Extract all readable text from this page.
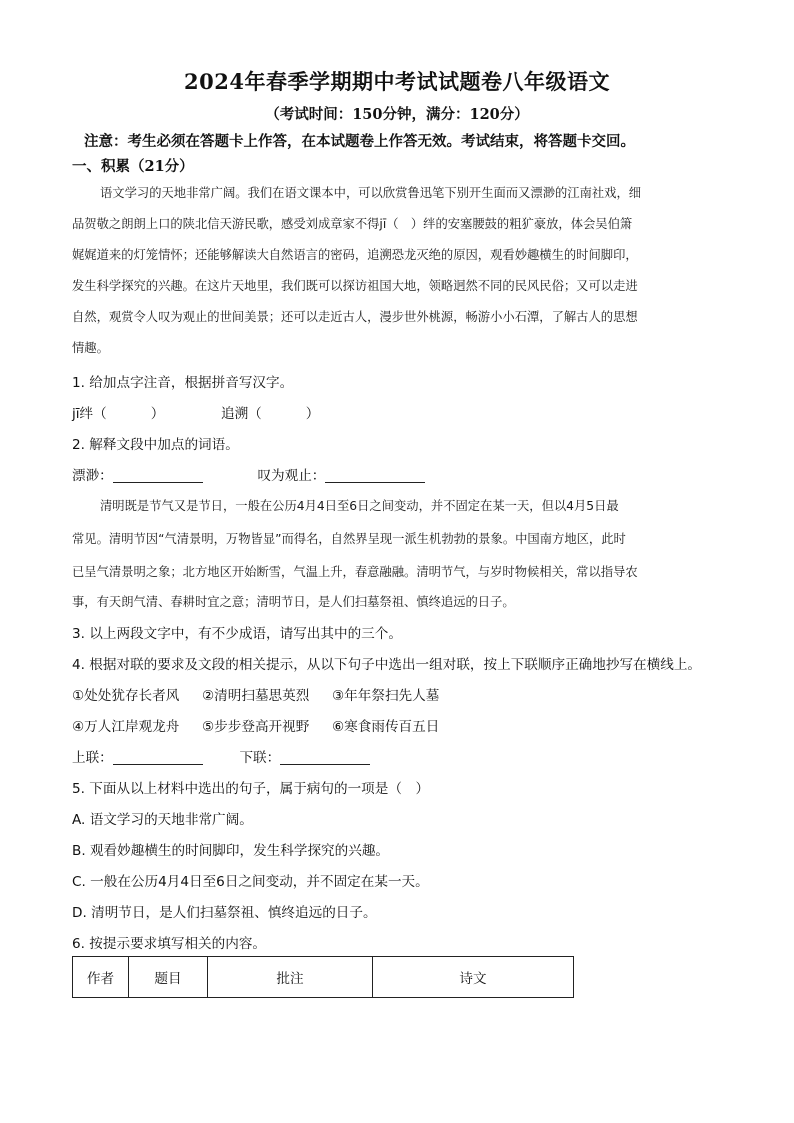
2024年春季学期期中考试试题卷八年级语文
（考试时间：150分钟，满分：120分）
注意：考生必须在答题卡上作答，在本试题卷上作答无效。考试结束，将答题卡交回。
一、积累（21分）
语文学习的天地非常广阔。我们在语文课本中，可以欣赏鲁迅笔下别开生面而又漂渺的江南社戏，细
品贺敬之朗朗上口的陕北信天游民歌，感受刘成章家不得jī（　）绊的安塞腰鼓的粗犷豪放，体会吴伯箫
娓娓道来的灯笼情怀；还能够解读大自然语言的密码，追溯恐龙灭绝的原因，观看妙趣横生的时间脚印，
发生科学探究的兴趣。在这片天地里，我们既可以探访祖国大地，领略迥然不同的民风民俗；又可以走进
自然，观赏令人叹为观止的世间美景；还可以走近古人，漫步世外桃源，畅游小小石潭，了解古人的思想
情趣。
1. 给加点字注音，根据拼音写汉字。
jī绊（	）	追溯（	）
2. 解释文段中加点的词语。
漂渺：	叹为观止：
清明既是节气又是节日，一般在公历4月4日至6日之间变动，并不固定在某一天，但以4月5日最
常见。清明节因“气清景明，万物皆显”而得名，自然界呈现一派生机勃勃的景象。中国南方地区，此时
已呈气清景明之象；北方地区开始断雪，气温上升，春意融融。清明节气，与岁时物候相关，常以指导农
事，有天朗气清、春耕时宜之意；清明节日，是人们扫墓祭祖、慎终追远的日子。
3. 以上两段文字中，有不少成语，请写出其中的三个。
4. 根据对联的要求及文段的相关提示，从以下句子中选出一组对联，按上下联顺序正确地抄写在横线上。
①处处犹存长者风 ②清明扫墓思英烈 ③年年祭扫先人墓
④万人江岸观龙舟 ⑤步步登高开视野 ⑥寒食雨传百五日
上联：	下联：
5. 下面从以上材料中选出的句子，属于病句的一项是（　）
A. 语文学习的天地非常广阔。
B. 观看妙趣横生的时间脚印，发生科学探究的兴趣。
C. 一般在公历4月4日至6日之间变动，并不固定在某一天。
D. 清明节日，是人们扫墓祭祖、慎终追远的日子。
6. 按提示要求填写相关的内容。
作者	题目	批注	诗文
